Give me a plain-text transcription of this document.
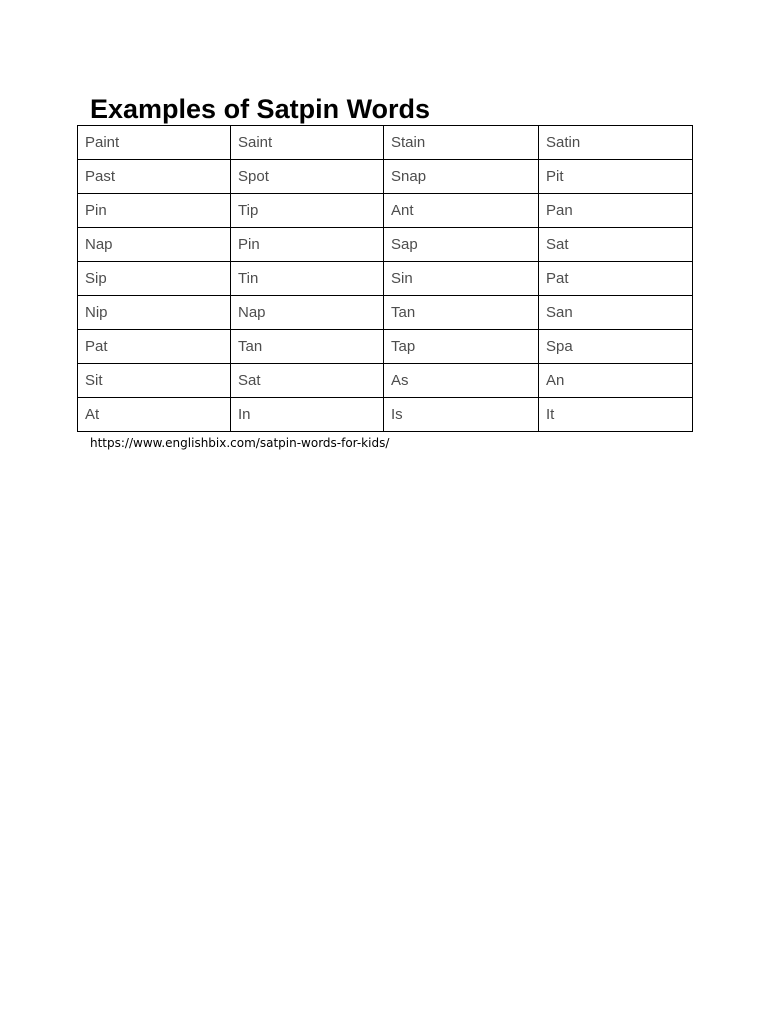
Examples of Satpin Words
Paint	Saint	Stain	Satin
Past	Spot	Snap	Pit
Pin	Tip	Ant	Pan
Nap	Pin	Sap	Sat
Sip	Tin	Sin	Pat
Nip	Nap	Tan	San
Pat	Tan	Tap	Spa
Sit	Sat	As	An
At	In	Is	It
https://www.englishbix.com/satpin-words-for-kids/
